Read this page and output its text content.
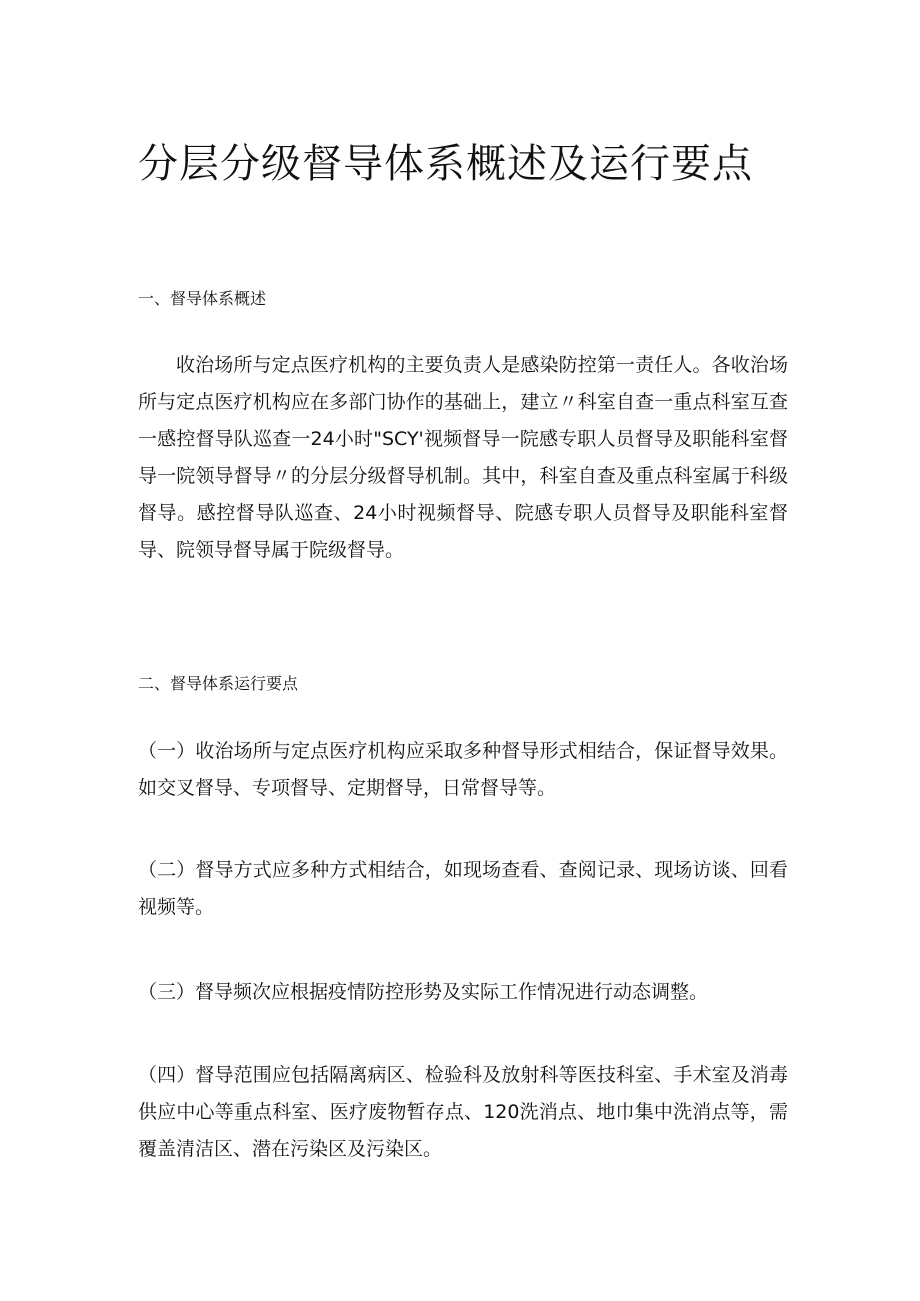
分层分级督导体系概述及运行要点
一、督导体系概述

收治场所与定点医疗机构的主要负责人是感染防控第一责任人。各收治场所与定点医疗机构应在多部门协作的基础上，建立〃科室自查一重点科室互查一感控督导队巡查一24小时"SCY'视频督导一院感专职人员督导及职能科室督导一院领导督导〃的分层分级督导机制。其中，科室自查及重点科室属于科级督导。感控督导队巡查、24小时视频督导、院感专职人员督导及职能科室督导、院领导督导属于院级督导。

二、督导体系运行要点

（一）收治场所与定点医疗机构应采取多种督导形式相结合，保证督导效果。如交叉督导、专项督导、定期督导，日常督导等。

（二）督导方式应多种方式相结合，如现场查看、查阅记录、现场访谈、回看视频等。

（三）督导频次应根据疫情防控形势及实际工作情况进行动态调整。

（四）督导范围应包括隔离病区、检验科及放射科等医技科室、手术室及消毒供应中心等重点科室、医疗废物暂存点、120洗消点、地巾集中洗消点等，需覆盖清洁区、潜在污染区及污染区。
